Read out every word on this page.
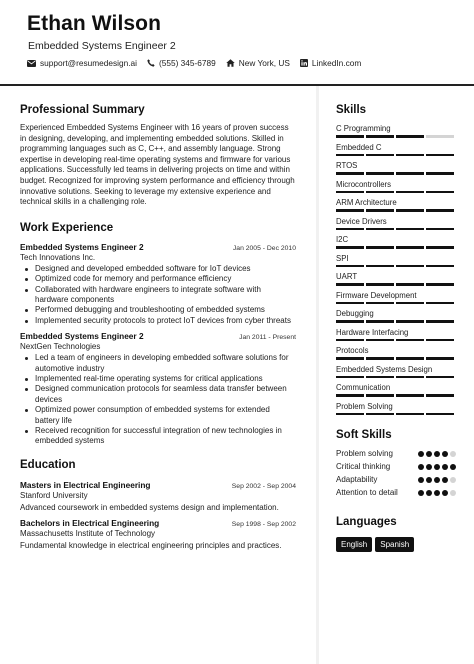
Ethan Wilson
Embedded Systems Engineer 2
support@resumedesign.ai	(555) 345-6789	New York, US	LinkedIn.com
Professional Summary
Experienced Embedded Systems Engineer with 16 years of proven success in designing, developing, and implementing embedded solutions. Skilled in programming languages such as C, C++, and assembly language. Strong expertise in developing real-time operating systems and firmware for various applications. Successfully led teams in delivering projects on time and within budget. Recognized for improving system performance and efficiency through innovative solutions. Seeking to leverage my extensive experience and technical skills in a challenging role.
Work Experience
Embedded Systems Engineer 2	Jan 2005 - Dec 2010
Tech Innovations Inc.
Designed and developed embedded software for IoT devices
Optimized code for memory and performance efficiency
Collaborated with hardware engineers to integrate software with hardware components
Performed debugging and troubleshooting of embedded systems
Implemented security protocols to protect IoT devices from cyber threats
Embedded Systems Engineer 2	Jan 2011 - Present
NextGen Technologies
Led a team of engineers in developing embedded software solutions for automotive industry
Implemented real-time operating systems for critical applications
Designed communication protocols for seamless data transfer between devices
Optimized power consumption of embedded systems for extended battery life
Received recognition for successful integration of new technologies in embedded systems
Education
Masters in Electrical Engineering	Sep 2002 - Sep 2004
Stanford University
Advanced coursework in embedded systems design and implementation.
Bachelors in Electrical Engineering	Sep 1998 - Sep 2002
Massachusetts Institute of Technology
Fundamental knowledge in electrical engineering principles and practices.
Skills
C Programming
Embedded C
RTOS
Microcontrollers
ARM Architecture
Device Drivers
I2C
SPI
UART
Firmware Development
Debugging
Hardware Interfacing
Protocols
Embedded Systems Design
Communication
Problem Solving
Soft Skills
Problem solving
Critical thinking
Adaptability
Attention to detail
Languages
English	Spanish
